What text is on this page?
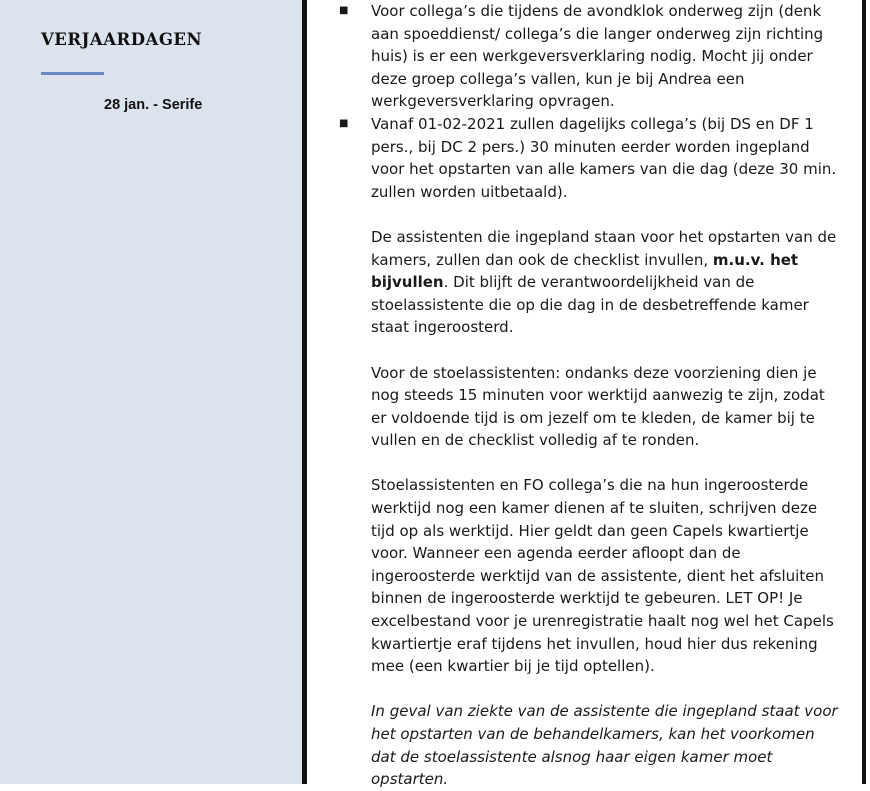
VERJAARDAGEN
28 jan. - Serife
■	Voor collega’s die tijdens de avondklok onderweg zijn (denk
aan spoeddienst/ collega’s die langer onderweg zijn richting
huis) is er een werkgeversverklaring nodig. Mocht jij onder
deze groep collega’s vallen, kun je bij Andrea een
werkgeversverklaring opvragen.
■	Vanaf 01-02-2021 zullen dagelijks collega’s (bij DS en DF 1
pers., bij DC 2 pers.) 30 minuten eerder worden ingepland
voor het opstarten van alle kamers van die dag (deze 30 min.
zullen worden uitbetaald).
De assistenten die ingepland staan voor het opstarten van de
kamers, zullen dan ook de checklist invullen, m.u.v. het
bijvullen. Dit blijft de verantwoordelijkheid van de
stoelassistente die op die dag in de desbetreffende kamer
staat ingeroosterd.
Voor de stoelassistenten: ondanks deze voorziening dien je
nog steeds 15 minuten voor werktijd aanwezig te zijn, zodat
er voldoende tijd is om jezelf om te kleden, de kamer bij te
vullen en de checklist volledig af te ronden.
Stoelassistenten en FO collega’s die na hun ingeroosterde
werktijd nog een kamer dienen af te sluiten, schrijven deze
tijd op als werktijd. Hier geldt dan geen Capels kwartiertje
voor. Wanneer een agenda eerder afloopt dan de
ingeroosterde werktijd van de assistente, dient het afsluiten
binnen de ingeroosterde werktijd te gebeuren. LET OP! Je
excelbestand voor je urenregistratie haalt nog wel het Capels
kwartiertje eraf tijdens het invullen, houd hier dus rekening
mee (een kwartier bij je tijd optellen).
In geval van ziekte van de assistente die ingepland staat voor
het opstarten van de behandelkamers, kan het voorkomen
dat de stoelassistente alsnog haar eigen kamer moet
opstarten.
